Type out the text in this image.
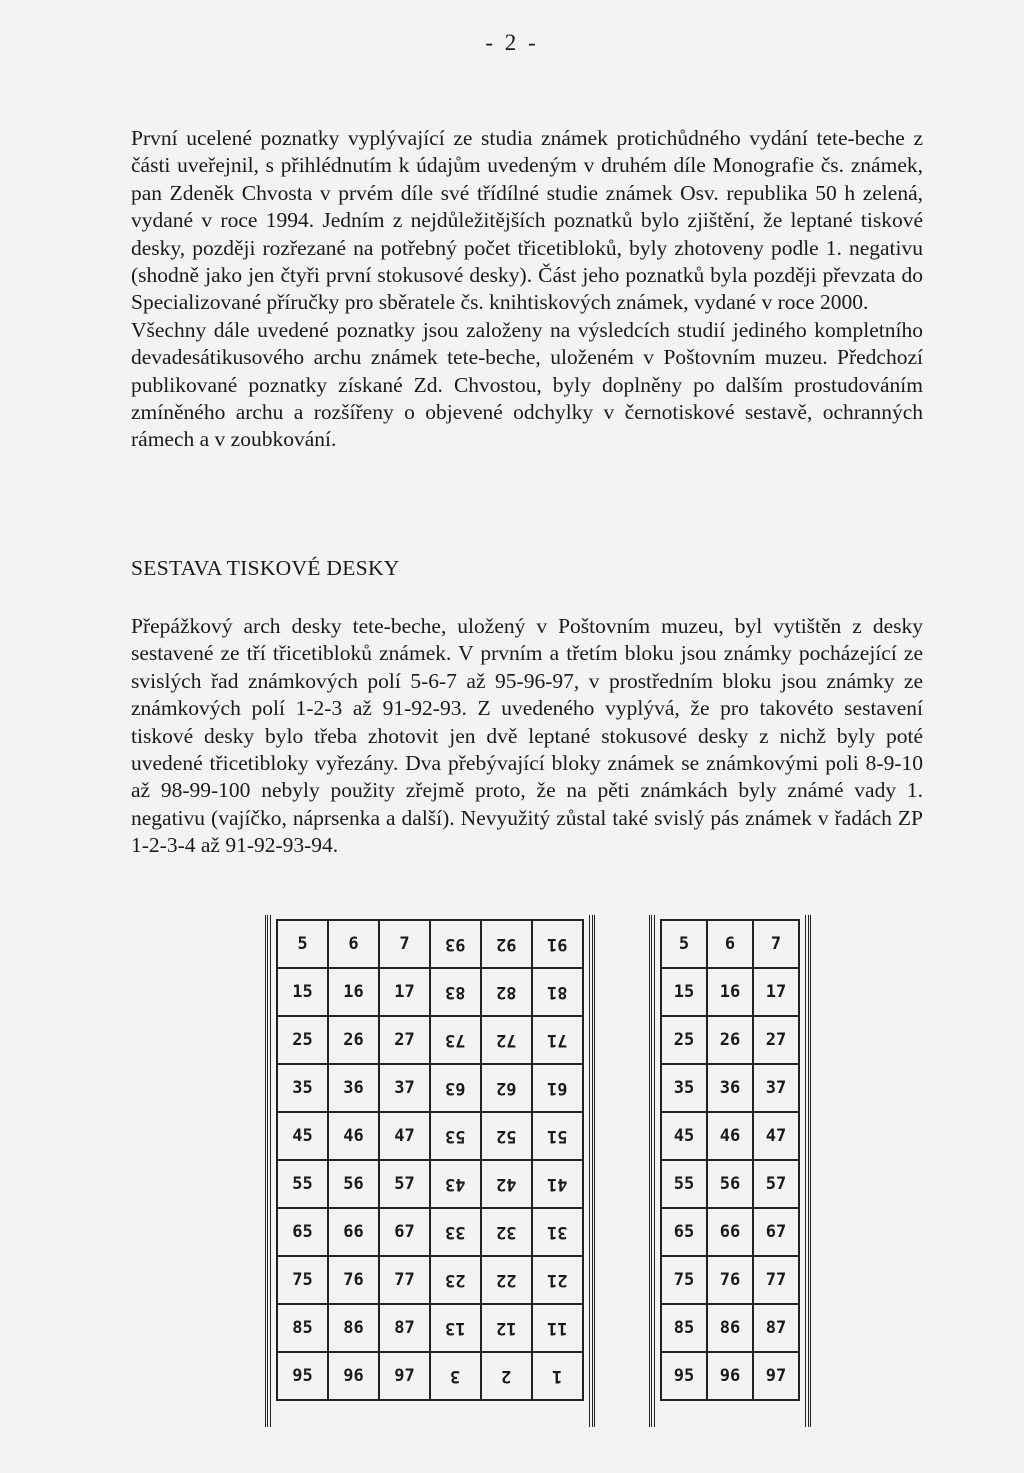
- 2 -

První ucelené poznatky vyplývající ze studia známek protichůdného vydání tete-beche z části uveřejnil, s přihlédnutím k údajům uvedeným v druhém díle Monografie čs. známek, pan Zdeněk Chvosta v prvém díle své třídílné studie známek Osv. republika 50 h zelená, vydané v roce 1994. Jedním z nejdůležitějších poznatků bylo zjištění, že leptané tiskové desky, později rozřezané na potřebný počet třicetibloků, byly zhotoveny podle 1. negativu (shodně jako jen čtyři první stokusové desky). Část jeho poznatků byla později převzata do Specializované příručky pro sběratele čs. knihtiskových známek, vydané v roce 2000.

Všechny dále uvedené poznatky jsou založeny na výsledcích studií jediného kompletního devadesátikusového archu známek tete-beche, uloženém v Poštovním muzeu. Předchozí publikované poznatky získané Zd. Chvostou, byly doplněny po dalším prostudováním zmíněného archu a rozšířeny o objevené odchylky v černotiskové sestavě, ochranných rámech a v zoubkování.

SESTAVA TISKOVÉ DESKY

Přepážkový arch desky tete-beche, uložený v Poštovním muzeu, byl vytištěn z desky sestavené ze tří třicetibloků známek. V prvním a třetím bloku jsou známky pocházející ze svislých řad známkových polí 5-6-7 až 95-96-97, v prostředním bloku jsou známky ze známkových polí 1-2-3 až 91-92-93. Z uvedeného vyplývá, že pro takovéto sestavení tiskové desky bylo třeba zhotovit jen dvě leptané stokusové desky z nichž byly poté uvedené třicetibloky vyřezány. Dva přebývající bloky známek se známkovými poli 8-9-10 až 98-99-100 nebyly použity zřejmě proto, že na pěti známkách byly známé vady 1. negativu (vajíčko, náprsenka a další). Nevyužitý zůstal také svislý pás známek v řadách ZP 1-2-3-4 až 91-92-93-94.

5	6	7	93	92	91
15	16	17	83	82	81
25	26	27	73	72	71
35	36	37	63	62	61
45	46	47	53	52	51
55	56	57	43	42	41
65	66	67	33	32	31
75	76	77	23	22	21
85	86	87	13	12	11
95	96	97	3	2	1
5	6	7
15	16	17
25	26	27
35	36	37
45	46	47
55	56	57
65	66	67
75	76	77
85	86	87
95	96	97
